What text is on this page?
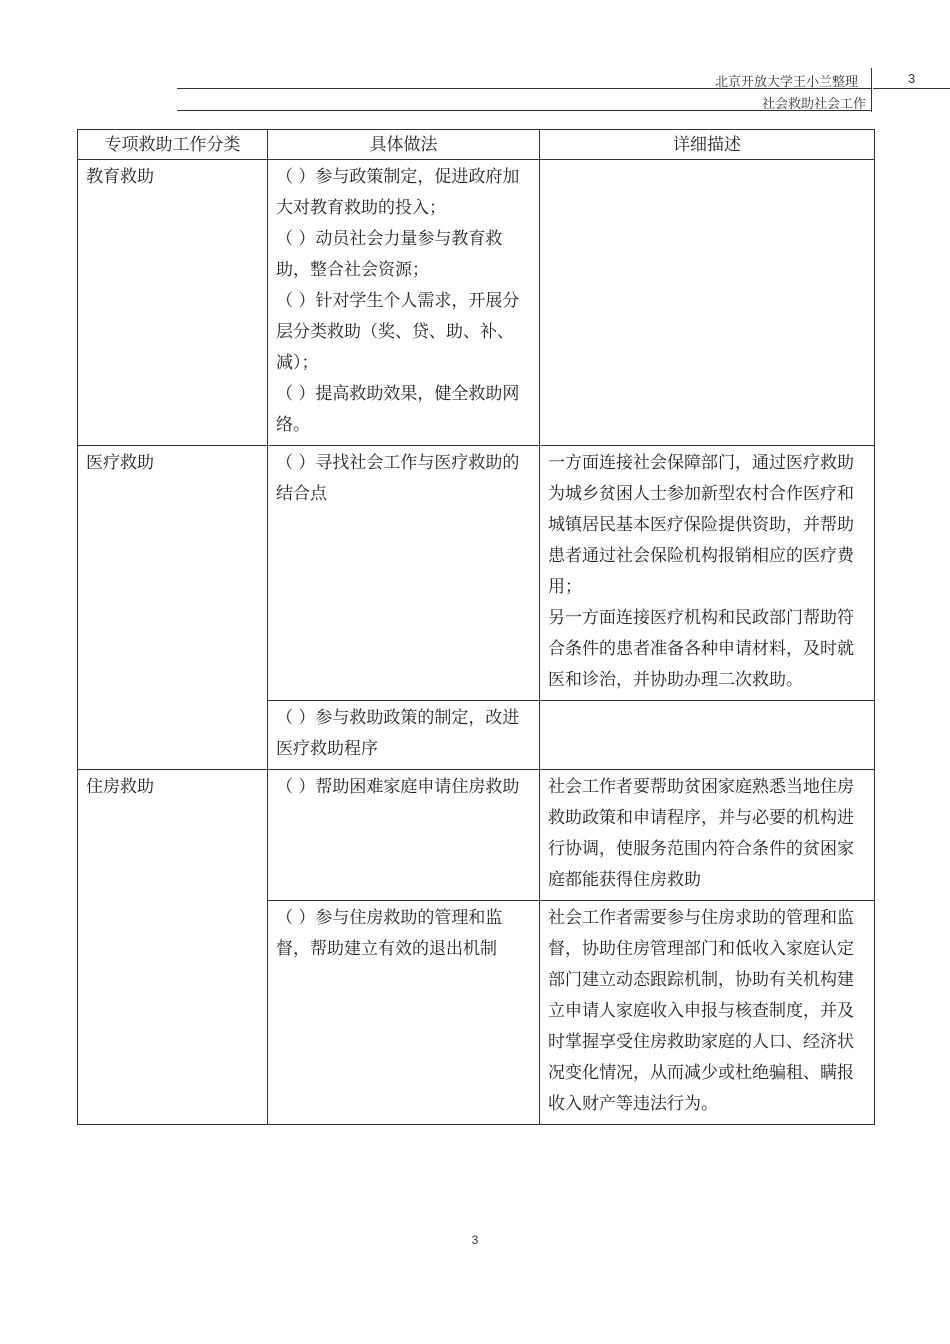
北京开放大学王小兰整理
社会救助社会工作
3
专项救助工作分类	具体做法	详细描述
教育救助	（ ）参与政策制定，促进政府加大对教育救助的投入；
（ ）动员社会力量参与教育救助，整合社会资源；
（ ）针对学生个人需求，开展分层分类救助（奖、贷、助、补、减）；
（ ）提高救助效果，健全救助网络。	

医疗救助	（ ）寻找社会工作与医疗救助的结合点	一方面连接社会保障部门，通过医疗救助为城乡贫困人士参加新型农村合作医疗和城镇居民基本医疗保险提供资助，并帮助患者通过社会保险机构报销相应的医疗费用；
另一方面连接医疗机构和民政部门帮助符合条件的患者准备各种申请材料，及时就医和诊治，并协助办理二次救助。

	（ ）参与救助政策的制定，改进医疗救助程序	

住房救助	（ ）帮助困难家庭申请住房救助	社会工作者要帮助贫困家庭熟悉当地住房救助政策和申请程序，并与必要的机构进行协调，使服务范围内符合条件的贫困家庭都能获得住房救助

	（ ）参与住房救助的管理和监督，帮助建立有效的退出机制	社会工作者需要参与住房求助的管理和监督，协助住房管理部门和低收入家庭认定部门建立动态跟踪机制，协助有关机构建立申请人家庭收入申报与核查制度，并及时掌握享受住房救助家庭的人口、经济状况变化情况，从而减少或杜绝骗租、瞒报收入财产等违法行为。
3
